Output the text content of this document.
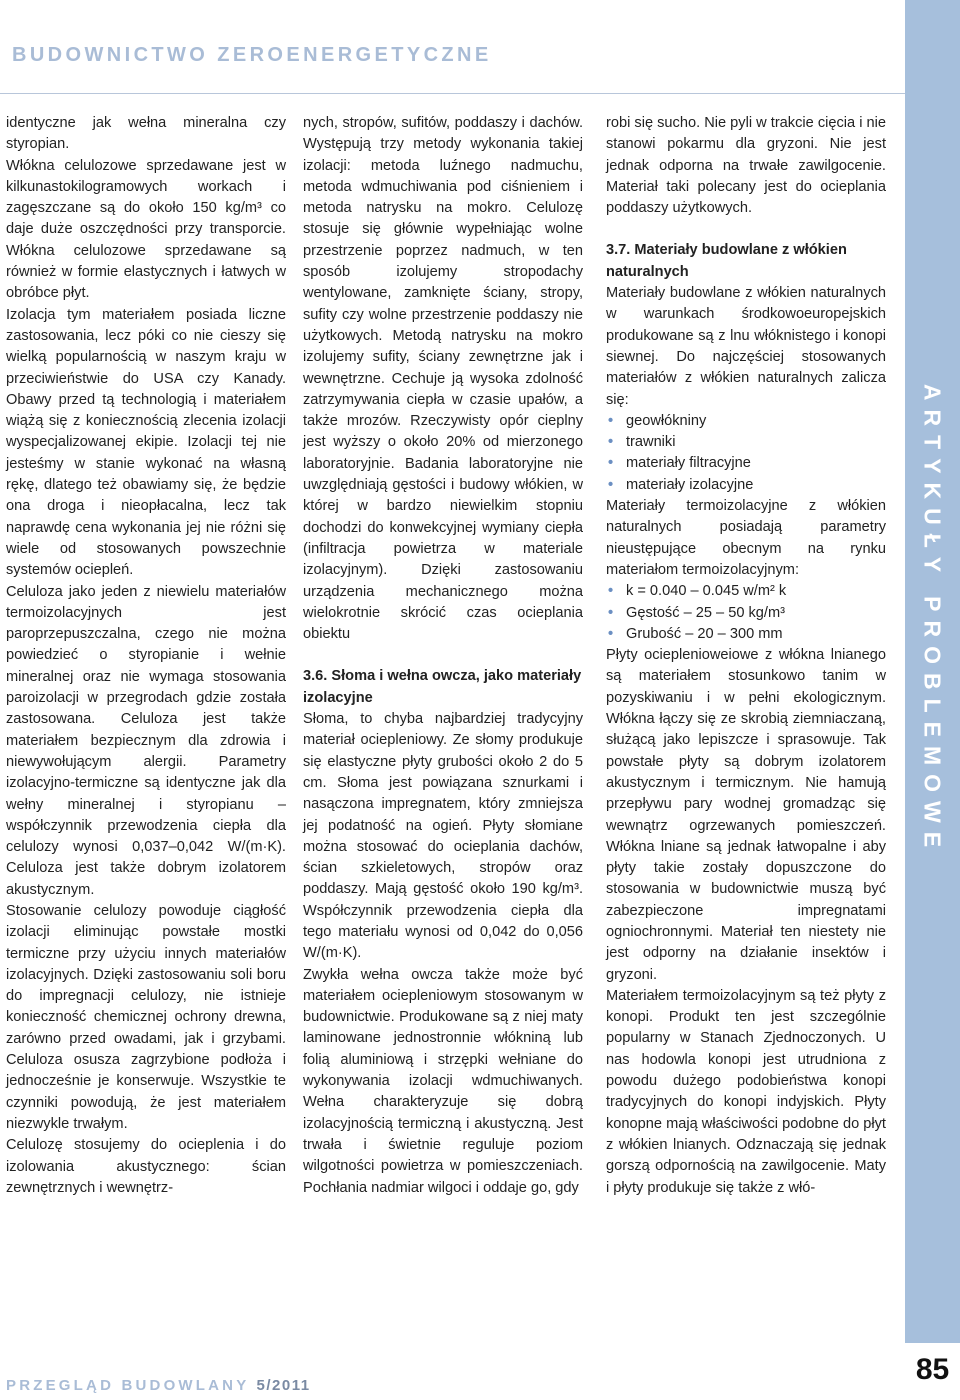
BUDOWNICTWO ZEROENERGETYCZNE
ARTYKUŁY PROBLEMOWE
85

identyczne jak wełna mineralna czy styropian.

Włókna celulozowe sprzedawane jest w kilkunastokilogramowych workach i zagęszczane są do około 150 kg/m³ co daje duże oszczędności przy transporcie. Włókna celulozowe sprzedawane są również w formie elastycznych i łatwych w obróbce płyt.

Izolacja tym materiałem posiada liczne zastosowania, lecz póki co nie cieszy się wielką popularnością w naszym kraju w przeciwieństwie do USA czy Kanady. Obawy przed tą technologią i materiałem wiążą się z koniecznością zlecenia izolacji wyspecjalizowanej ekipie. Izolacji tej nie jesteśmy w stanie wykonać na własną rękę, dlatego też obawiamy się, że będzie ona droga i nieopłacalna, lecz tak naprawdę cena wykonania jej nie różni się wiele od stosowanych powszechnie systemów ociepleń.

Celuloza jako jeden z niewielu materiałów termoizolacyjnych jest paroprzepuszczalna, czego nie można powiedzieć o styropianie i wełnie mineralnej oraz nie wymaga stosowania paroizolacji w przegrodach gdzie została zastosowana. Celuloza jest także materiałem bezpiecznym dla zdrowia i niewywołującym alergii. Parametry izolacyjno-termiczne są identyczne jak dla wełny mineralnej i styropianu – współczynnik przewodzenia ciepła dla celulozy wynosi 0,037–0,042 W/(m·K). Celuloza jest także dobrym izolatorem akustycznym.

Stosowanie celulozy powoduje ciągłość izolacji eliminując powstałe mostki termiczne przy użyciu innych materiałów izolacyjnych. Dzięki zastosowaniu soli boru do impregnacji celulozy, nie istnieje konieczność chemicznej ochrony drewna, zarówno przed owadami, jak i grzybami. Celuloza osusza zagrzybione podłoża i jednocześnie je konserwuje. Wszystkie te czynniki powodują, że jest materiałem niezwykle trwałym.

Celulozę stosujemy do ocieplenia i do izolowania akustycznego: ścian zewnętrznych i wewnętrz-

nych, stropów, sufitów, poddaszy i dachów. Występują trzy metody wykonania takiej izolacji: metoda luźnego nadmuchu, metoda wdmuchiwania pod ciśnieniem i metoda natrysku na mokro. Celulozę stosuje się głównie wypełniając wolne przestrzenie poprzez nadmuch, w ten sposób izolujemy stropodachy wentylowane, zamknięte ściany, stropy, sufity czy wolne przestrzenie poddaszy nie użytkowych. Metodą natrysku na mokro izolujemy sufity, ściany zewnętrzne jak i wewnętrzne. Cechuje ją wysoka zdolność zatrzymywania ciepła w czasie upałów, a także mrozów. Rzeczywisty opór cieplny jest wyższy o około 20% od mierzonego laboratoryjnie. Badania laboratoryjne nie uwzględniają gęstości i budowy włókien, w której w bardzo niewielkim stopniu dochodzi do konwekcyjnej wymiany ciepła (infiltracja powietrza w materiale izolacyjnym). Dzięki zastosowaniu urządzenia mechanicznego można wielokrotnie skrócić czas ocieplania obiektu

3.6. Słoma i wełna owcza, jako materiały izolacyjne

Słoma, to chyba najbardziej tradycyjny materiał ociepleniowy. Ze słomy produkuje się elastyczne płyty grubości około 2 do 5 cm. Słoma jest powiązana sznurkami i nasączona impregnatem, który zmniejsza jej podatność na ogień. Płyty słomiane można stosować do ocieplania dachów, ścian szkieletowych, stropów oraz poddaszy. Mają gęstość około 190 kg/m³. Współczynnik przewodzenia ciepła dla tego materiału wynosi od 0,042 do 0,056 W/(m·K).

Zwykła wełna owcza także może być materiałem ociepleniowym stosowanym w budownictwie. Produkowane są z niej maty laminowane jednostronnie włókniną lub folią aluminiową i strzępki wełniane do wykonywania izolacji wdmuchiwanych. Wełna charakteryzuje się dobrą izolacyjnością termiczną i akustyczną. Jest trwała i świetnie reguluje poziom wilgotności powietrza w pomieszczeniach. Pochłania nadmiar wilgoci i oddaje go, gdy

robi się sucho. Nie pyli w trakcie cięcia i nie stanowi pokarmu dla gryzoni. Nie jest jednak odporna na trwałe zawilgocenie. Materiał taki polecany jest do ocieplania poddaszy użytkowych.

3.7. Materiały budowlane z włókien naturalnych

Materiały budowlane z włókien naturalnych w warunkach środkowoeuropejskich produkowane są z lnu włóknistego i konopi siewnej. Do najczęściej stosowanych materiałów z włókien naturalnych zalicza się:

• geowłókniny
• trawniki
• materiały filtracyjne
• materiały izolacyjne

Materiały termoizolacyjne z włókien naturalnych posiadają parametry nieustępujące obecnym na rynku materiałom termoizolacyjnym:

• k = 0.040 – 0.045 w/m² k
• Gęstość – 25 – 50 kg/m³
• Grubość – 20 – 300 mm

Płyty ocieplenioweiowe z włókna lnianego są materiałem stosunkowo tanim w pozyskiwaniu i w pełni ekologicznym. Włókna łączy się ze skrobią ziemniaczaną, służącą jako lepiszcze i sprasowuje. Tak powstałe płyty są dobrym izolatorem akustycznym i termicznym. Nie hamują przepływu pary wodnej gromadząc się wewnątrz ogrzewanych pomieszczeń. Włókna lniane są jednak łatwopalne i aby płyty takie zostały dopuszczone do stosowania w budownictwie muszą być zabezpieczone impregnatami ogniochronnymi. Materiał ten niestety nie jest odporny na działanie insektów i gryzoni.

Materiałem termoizolacyjnym są też płyty z konopi. Produkt ten jest szczególnie popularny w Stanach Zjednoczonych. U nas hodowla konopi jest utrudniona z powodu dużego podobieństwa konopi tradycyjnych do konopi indyjskich. Płyty konopne mają właściwości podobne do płyt z włókien lnianych. Odznaczają się jednak gorszą odpornością na zawilgocenie. Maty i płyty produkuje się także z włó-

PRZEGLĄD BUDOWLANY 5/2011
